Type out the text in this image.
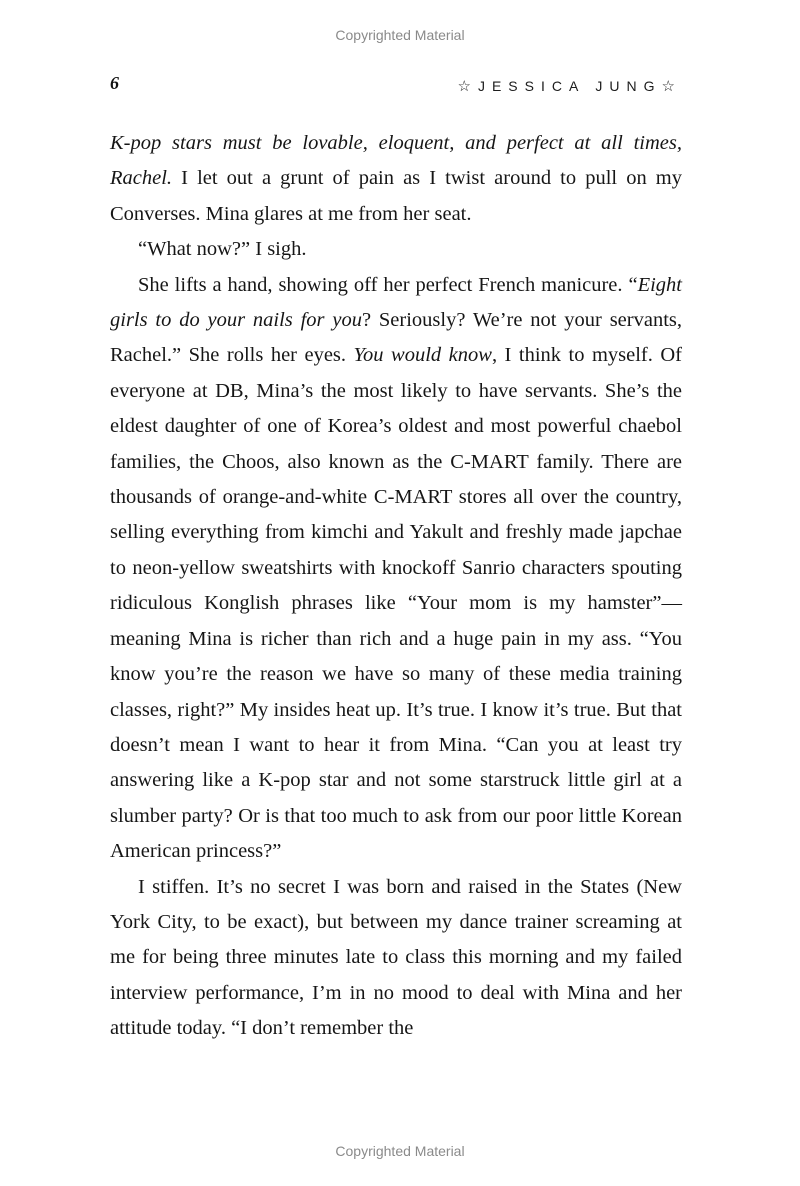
Copyrighted Material
6	☆JESSICA JUNG☆

K-pop stars must be lovable, eloquent, and perfect at all times, Rachel. I let out a grunt of pain as I twist around to pull on my Converses. Mina glares at me from her seat.

“What now?” I sigh.

She lifts a hand, showing off her perfect French manicure. “Eight girls to do your nails for you? Seriously? We’re not your servants, Rachel.” She rolls her eyes. You would know, I think to myself. Of everyone at DB, Mina’s the most likely to have servants. She’s the eldest daughter of one of Korea’s oldest and most powerful chaebol families, the Choos, also known as the C-MART family. There are thousands of orange-and-white C-MART stores all over the country, selling everything from kimchi and Yakult and freshly made japchae to neon-yellow sweatshirts with knockoff Sanrio characters spouting ridiculous Konglish phrases like “Your mom is my hamster”—meaning Mina is richer than rich and a huge pain in my ass. “You know you’re the reason we have so many of these media training classes, right?” My insides heat up. It’s true. I know it’s true. But that doesn’t mean I want to hear it from Mina. “Can you at least try answering like a K-pop star and not some starstruck little girl at a slumber party? Or is that too much to ask from our poor little Korean American princess?”

I stiffen. It’s no secret I was born and raised in the States (New York City, to be exact), but between my dance trainer screaming at me for being three minutes late to class this morning and my failed interview performance, I’m in no mood to deal with Mina and her attitude today. “I don’t remember the

Copyrighted Material
